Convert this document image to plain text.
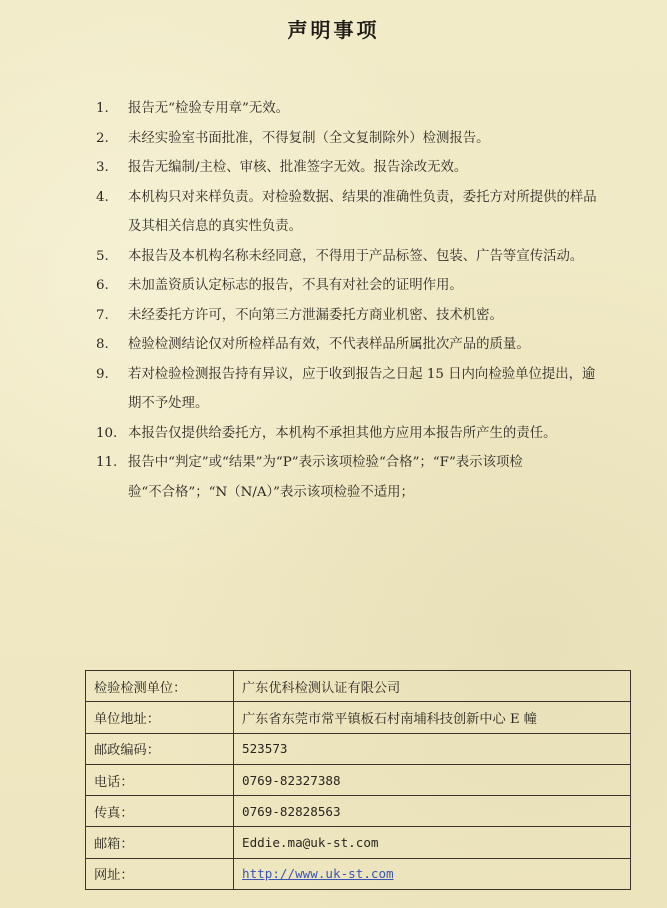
声明事项
1.	报告无“检验专用章”无效。
2.	未经实验室书面批准，不得复制（全文复制除外）检测报告。
3.	报告无编制/主检、审核、批准签字无效。报告涂改无效。
4.	本机构只对来样负责。对检验数据、结果的准确性负责，委托方对所提供的样品
及其相关信息的真实性负责。
5.	本报告及本机构名称未经同意，不得用于产品标签、包装、广告等宣传活动。
6.	未加盖资质认定标志的报告，不具有对社会的证明作用。
7.	未经委托方许可，不向第三方泄漏委托方商业机密、技术机密。
8.	检验检测结论仅对所检样品有效，不代表样品所属批次产品的质量。
9.	若对检验检测报告持有异议，应于收到报告之日起 15 日内向检验单位提出，逾
期不予处理。
10. 本报告仅提供给委托方，本机构不承担其他方应用本报告所产生的责任。
11. 报告中“判定”或“结果”为“P”表示该项检验“合格”；“F”表示该项检
验“不合格”；“N（N/A）”表示该项检验不适用；
检验检测单位：	广东优科检测认证有限公司
单位地址：	广东省东莞市常平镇板石村南埔科技创新中心 E 幢
邮政编码：	523573
电话：	0769-82327388
传真：	0769-82828563
邮箱：	Eddie.ma@uk-st.com
网址：	http://www.uk-st.com
